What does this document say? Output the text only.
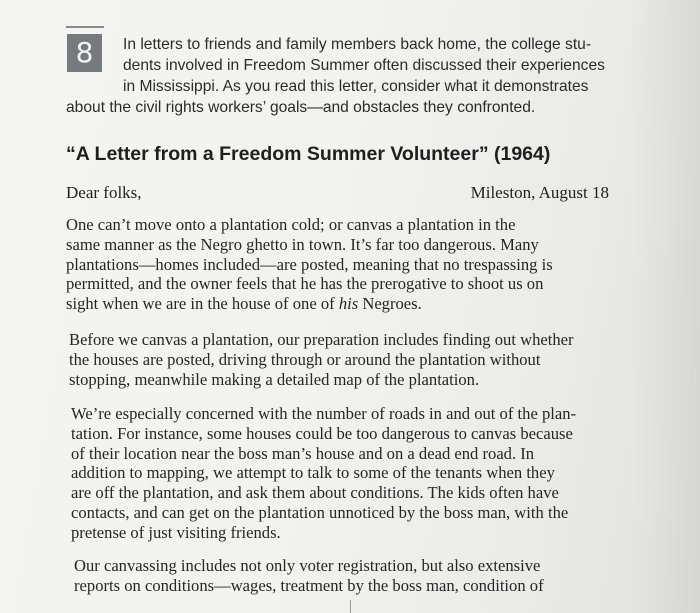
8	In letters to friends and family members back home, the college stu-
dents involved in Freedom Summer often discussed their experiences
in Mississippi. As you read this letter, consider what it demonstrates
about the civil rights workers’ goals—and obstacles they confronted.
“A Letter from a Freedom Summer Volunteer” (1964)
Dear folks,	Mileston, August 18
One can’t move onto a plantation cold; or canvas a plantation in the
same manner as the Negro ghetto in town. It’s far too dangerous. Many
plantations—homes included—are posted, meaning that no trespassing is
permitted, and the owner feels that he has the prerogative to shoot us on
sight when we are in the house of one of his Negroes.
Before we canvas a plantation, our preparation includes finding out whether
the houses are posted, driving through or around the plantation without
stopping, meanwhile making a detailed map of the plantation.
We’re especially concerned with the number of roads in and out of the plan-
tation. For instance, some houses could be too dangerous to canvas because
of their location near the boss man’s house and on a dead end road. In
addition to mapping, we attempt to talk to some of the tenants when they
are off the plantation, and ask them about conditions. The kids often have
contacts, and can get on the plantation unnoticed by the boss man, with the
pretense of just visiting friends.
Our canvassing includes not only voter registration, but also extensive
reports on conditions—wages, treatment by the boss man, condition of
